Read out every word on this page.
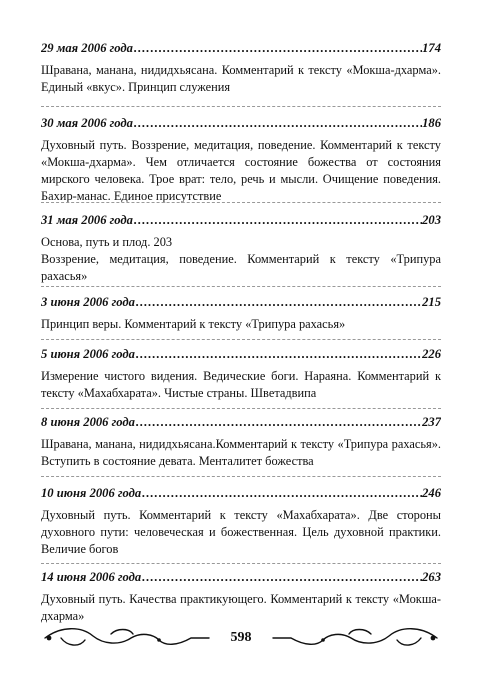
29 мая 2006 года .....	174
Шравана, манана, нидидхьясана. Комментарий к тексту «Мокша-дхарма». Единый «вкус». Принцип служения
30 мая 2006 года .....	186
Духовный путь. Воззрение, медитация, поведение. Комментарий к тексту «Мокша-дхарма». Чем отличается состояние божества от состояния мирского человека. Трое врат: тело, речь и мысли. Очищение поведения. Бахир-манас. Единое присутствие
31 мая 2006 года .....	203
Основа, путь и плод. 203
Воззрение, медитация, поведение. Комментарий к тексту «Трипура рахасья»
3 июня 2006 года .....	215
Принцип веры. Комментарий к тексту «Трипура рахасья»
5 июня 2006 года .....	226
Измерение чистого видения. Ведические боги. Нараяна. Комментарий к тексту «Махабхарата». Чистые страны. Шветадвипа
8 июня 2006 года .....	237
Шравана, манана, нидидхьясана.Комментарий к тексту «Трипура рахасья». Вступить в состояние девата. Менталитет божества
10 июня 2006 года .....	246
Духовный путь. Комментарий к тексту «Махабхарата». Две стороны духовного пути: человеческая и божественная. Цель духовной практики. Величие богов
14 июня 2006 года .....	263
Духовный путь. Качества практикующего. Комментарий к тексту «Мокша-дхарма»
598
